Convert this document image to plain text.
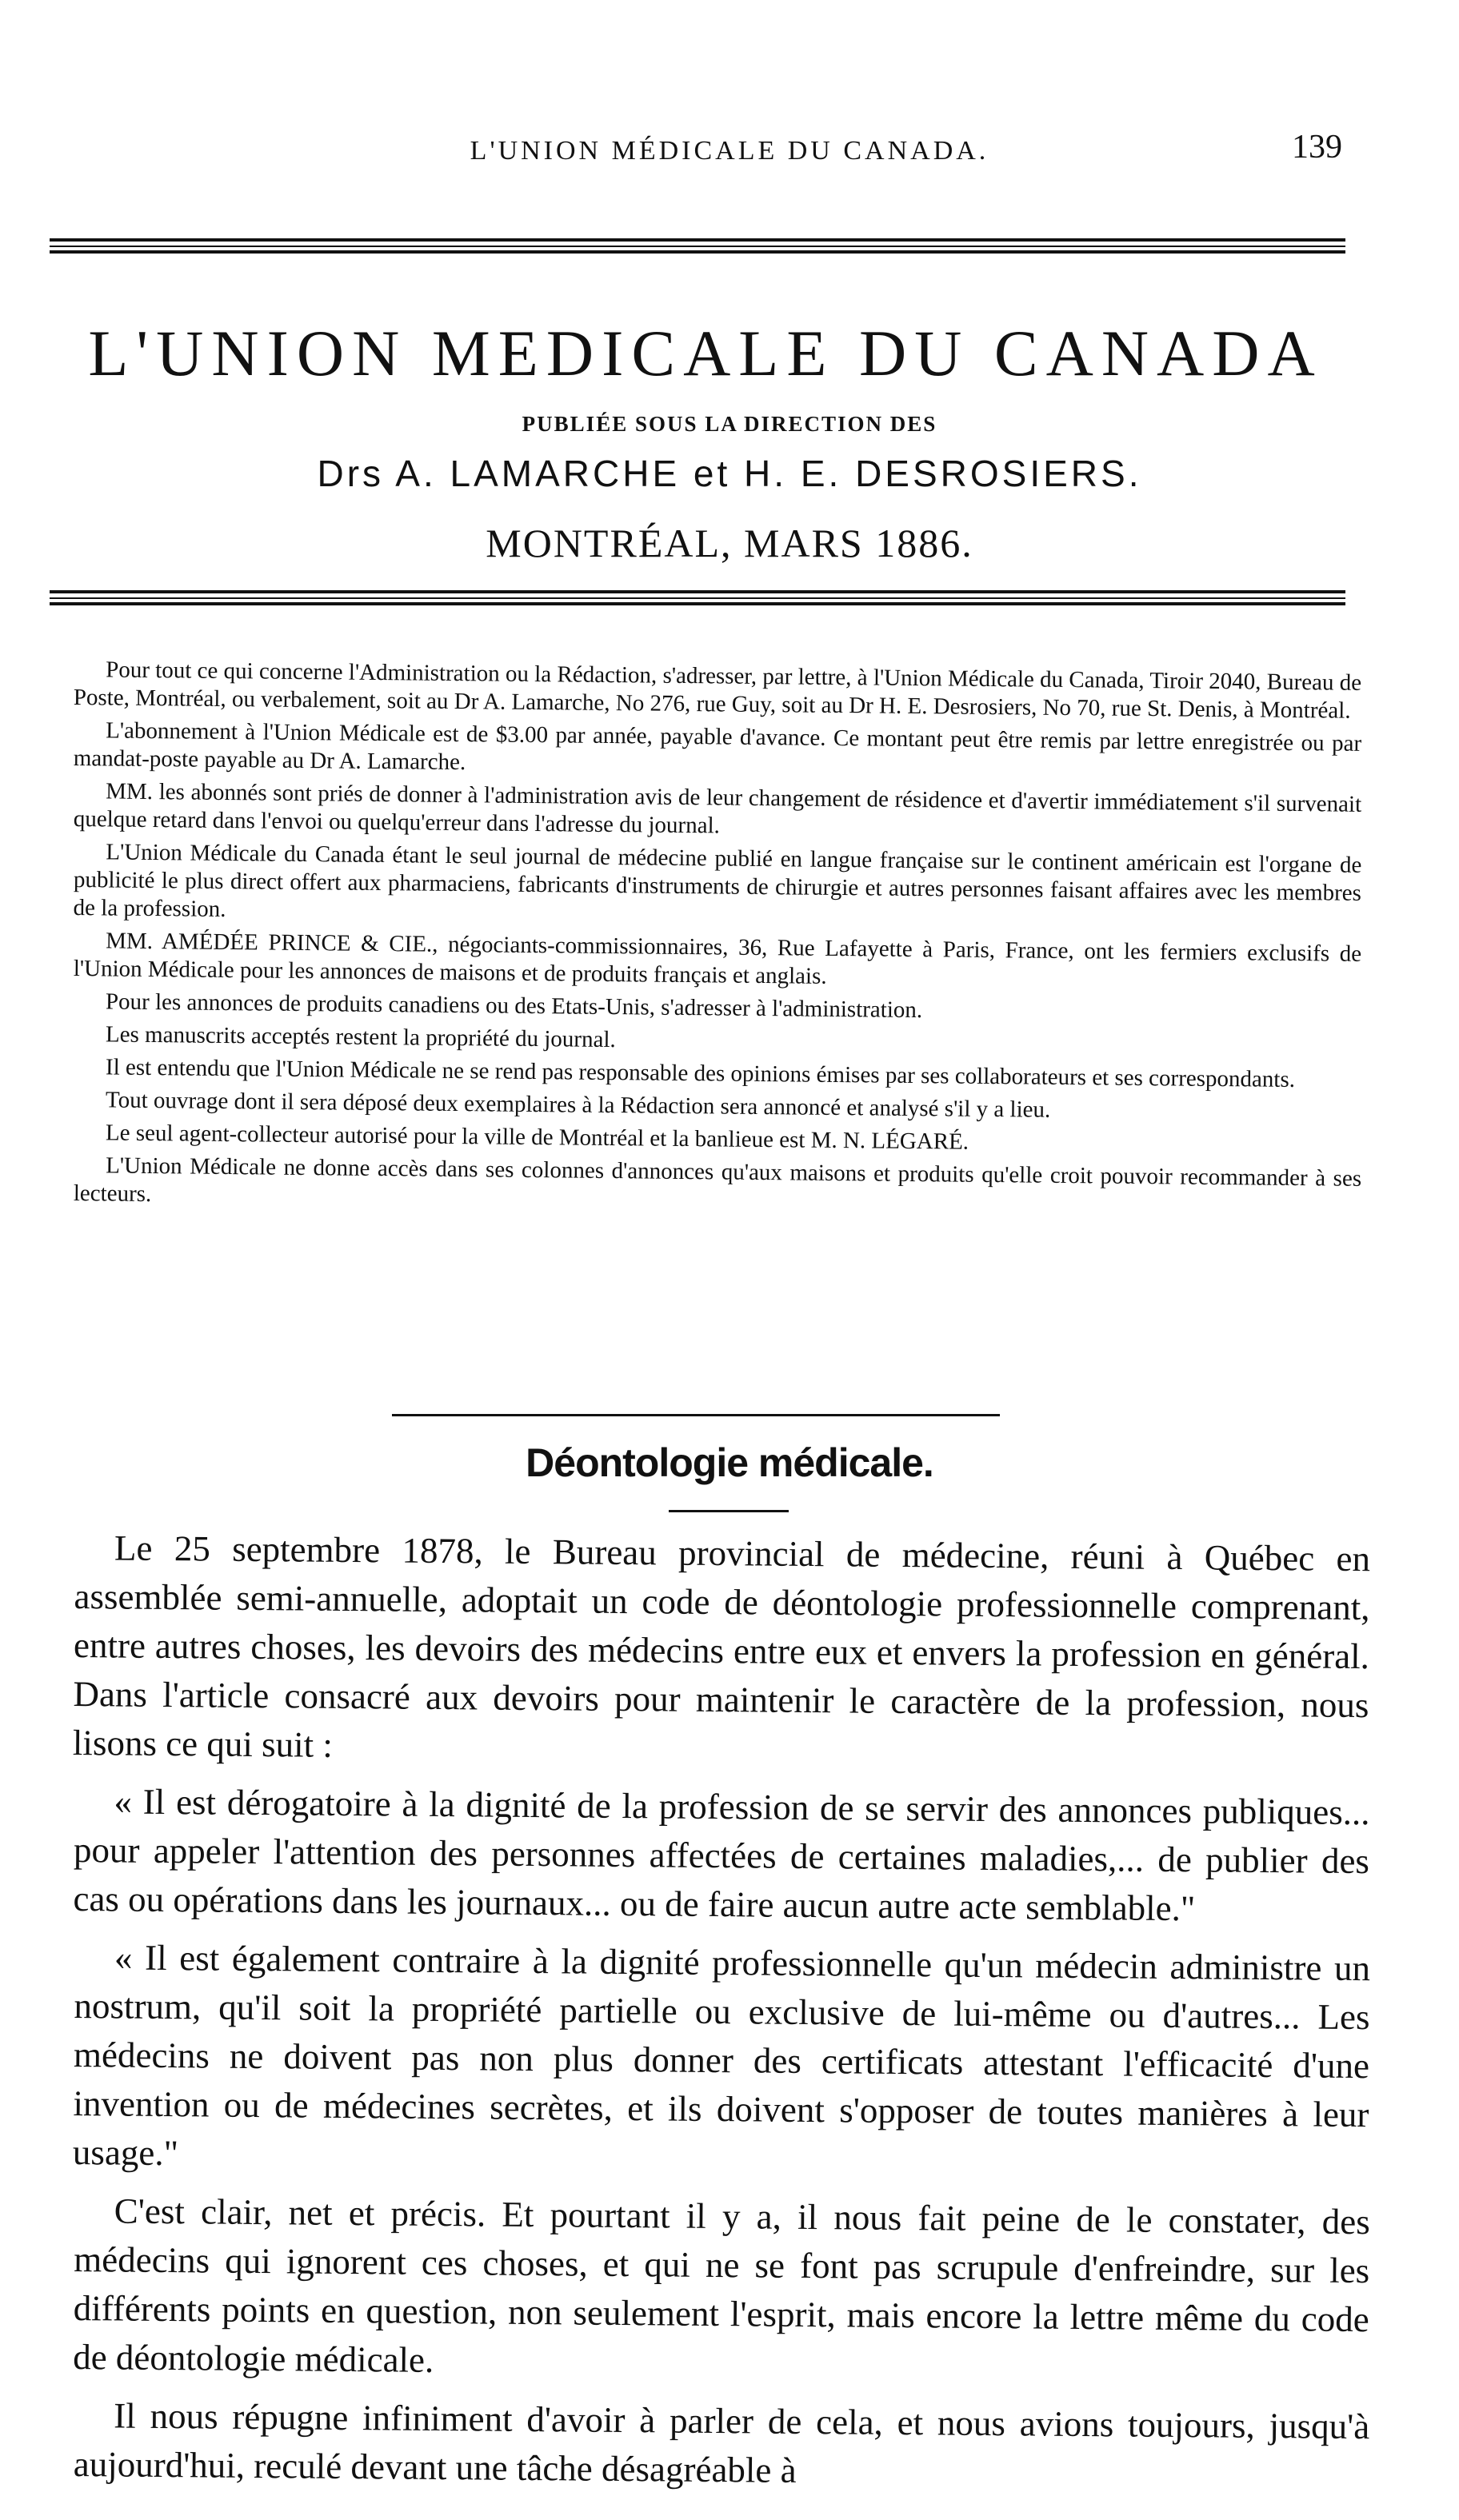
L'UNION MÉDICALE DU CANADA.	139
L'UNION MEDICALE DU CANADA
PUBLIÉE SOUS LA DIRECTION DES
Drs A. LAMARCHE et H. E. DESROSIERS.
MONTRÉAL, MARS 1886.

Pour tout ce qui concerne l'Administration ou la Rédaction, s'adresser, par lettre, à l'Union Médicale du Canada, Tiroir 2040, Bureau de Poste, Montréal, ou verbalement, soit au Dr A. Lamarche, No 276, rue Guy, soit au Dr H. E. Desrosiers, No 70, rue St. Denis, à Montréal.

L'abonnement à l'Union Médicale est de $3.00 par année, payable d'avance. Ce montant peut être remis par lettre enregistrée ou par mandat-poste payable au Dr A. Lamarche.

MM. les abonnés sont priés de donner à l'administration avis de leur changement de résidence et d'avertir immédiatement s'il survenait quelque retard dans l'envoi ou quelqu'erreur dans l'adresse du journal.

L'Union Médicale du Canada étant le seul journal de médecine publié en langue française sur le continent américain est l'organe de publicité le plus direct offert aux pharmaciens, fabricants d'instruments de chirurgie et autres personnes faisant affaires avec les membres de la profession.

MM. AMÉDÉE PRINCE & CIE., négociants-commissionnaires, 36, Rue Lafayette à Paris, France, ont les fermiers exclusifs de l'Union Médicale pour les annonces de maisons et de produits français et anglais.

Pour les annonces de produits canadiens ou des Etats-Unis, s'adresser à l'administration.

Les manuscrits acceptés restent la propriété du journal.

Il est entendu que l'Union Médicale ne se rend pas responsable des opinions émises par ses collaborateurs et ses correspondants.

Tout ouvrage dont il sera déposé deux exemplaires à la Rédaction sera annoncé et analysé s'il y a lieu.

Le seul agent-collecteur autorisé pour la ville de Montréal et la banlieue est M. N. LÉGARÉ.

L'Union Médicale ne donne accès dans ses colonnes d'annonces qu'aux maisons et produits qu'elle croit pouvoir recommander à ses lecteurs.

Déontologie médicale.

Le 25 septembre 1878, le Bureau provincial de médecine, réuni à Québec en assemblée semi-annuelle, adoptait un code de déontologie professionnelle comprenant, entre autres choses, les devoirs des médecins entre eux et envers la profession en général. Dans l'article consacré aux devoirs pour maintenir le caractère de la profession, nous lisons ce qui suit :

« Il est dérogatoire à la dignité de la profession de se servir des annonces publiques... pour appeler l'attention des personnes affectées de certaines maladies,... de publier des cas ou opérations dans les journaux... ou de faire aucun autre acte semblable."

« Il est également contraire à la dignité professionnelle qu'un médecin administre un nostrum, qu'il soit la propriété partielle ou exclusive de lui-même ou d'autres... Les médecins ne doivent pas non plus donner des certificats attestant l'efficacité d'une invention ou de médecines secrètes, et ils doivent s'opposer de toutes manières à leur usage."

C'est clair, net et précis. Et pourtant il y a, il nous fait peine de le constater, des médecins qui ignorent ces choses, et qui ne se font pas scrupule d'enfreindre, sur les différents points en question, non seulement l'esprit, mais encore la lettre même du code de déontologie médicale.

Il nous répugne infiniment d'avoir à parler de cela, et nous avions toujours, jusqu'à aujourd'hui, reculé devant une tâche désagréable à
